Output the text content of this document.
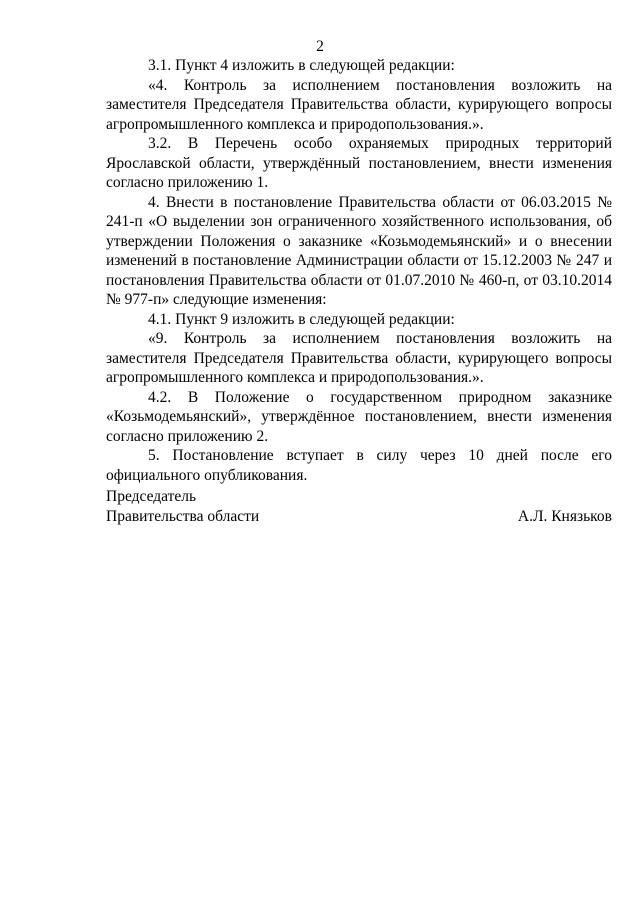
2

3.1. Пункт 4 изложить в следующей редакции:

«4. Контроль за исполнением постановления возложить на заместителя Председателя Правительства области, курирующего вопросы агропромышленного комплекса и природопользования.».

3.2. В Перечень особо охраняемых природных территорий Ярославской области, утверждённый постановлением, внести изменения согласно приложению 1.

4. Внести в постановление Правительства области от 06.03.2015 № 241-п «О выделении зон ограниченного хозяйственного использования, об утверждении Положения о заказнике «Козьмодемьянский» и о внесении изменений в постановление Администрации области от 15.12.2003 № 247 и постановления Правительства области от 01.07.2010 № 460-п, от 03.10.2014 № 977-п» следующие изменения:

4.1. Пункт 9 изложить в следующей редакции:

«9. Контроль за исполнением постановления возложить на заместителя Председателя Правительства области, курирующего вопросы агропромышленного комплекса и природопользования.».

4.2. В Положение о государственном природном заказнике «Козьмодемьянский», утверждённое постановлением, внести изменения согласно приложению 2.

5. Постановление вступает в силу через 10 дней после его официального опубликования.

Председатель
Правительства области	А.Л. Князьков
